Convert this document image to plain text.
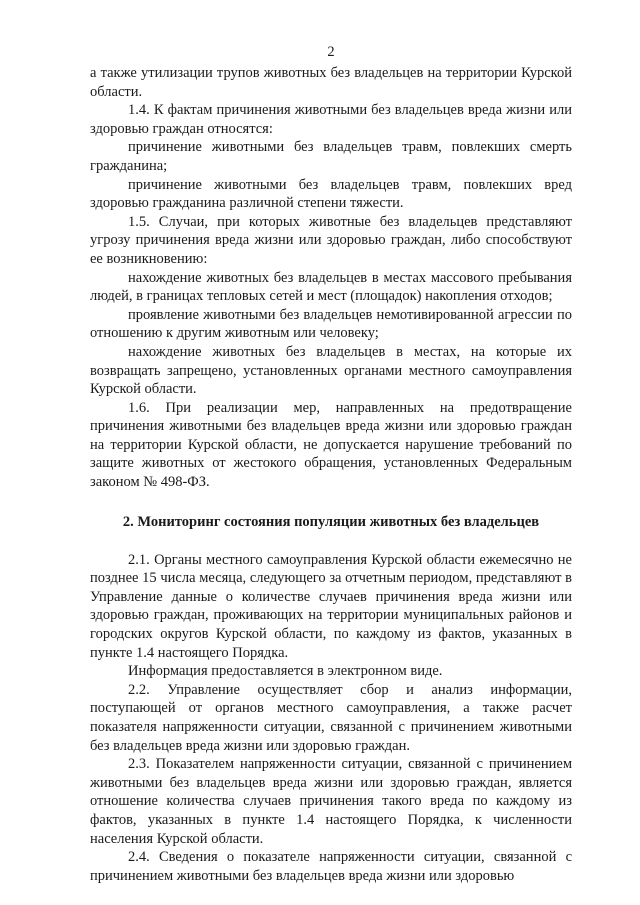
2

а также утилизации трупов животных без владельцев на территории Курской области.

1.4. К фактам причинения животными без владельцев вреда жизни или здоровью граждан относятся:

причинение животными без владельцев травм, повлекших смерть гражданина;

причинение животными без владельцев травм, повлекших вред здоровью гражданина различной степени тяжести.

1.5. Случаи, при которых животные без владельцев представляют угрозу причинения вреда жизни или здоровью граждан, либо способствуют ее возникновению:

нахождение животных без владельцев в местах массового пребывания людей, в границах тепловых сетей и мест (площадок) накопления отходов;

проявление животными без владельцев немотивированной агрессии по отношению к другим животным или человеку;

нахождение животных без владельцев в местах, на которые их возвращать запрещено, установленных органами местного самоуправления Курской области.

1.6. При реализации мер, направленных на предотвращение причинения животными без владельцев вреда жизни или здоровью граждан на территории Курской области, не допускается нарушение требований по защите животных от жестокого обращения, установленных Федеральным законом № 498-ФЗ.

2. Мониторинг состояния популяции животных без владельцев

2.1. Органы местного самоуправления Курской области ежемесячно не позднее 15 числа месяца, следующего за отчетным периодом, представляют в Управление данные о количестве случаев причинения вреда жизни или здоровью граждан, проживающих на территории муниципальных районов и городских округов Курской области, по каждому из фактов, указанных в пункте 1.4 настоящего Порядка.

Информация предоставляется в электронном виде.

2.2. Управление осуществляет сбор и анализ информации, поступающей от органов местного самоуправления, а также расчет показателя напряженности ситуации, связанной с причинением животными без владельцев вреда жизни или здоровью граждан.

2.3. Показателем напряженности ситуации, связанной с причинением животными без владельцев вреда жизни или здоровью граждан, является отношение количества случаев причинения такого вреда по каждому из фактов, указанных в пункте 1.4 настоящего Порядка, к численности населения Курской области.

2.4. Сведения о показателе напряженности ситуации, связанной с причинением животными без владельцев вреда жизни или здоровью
